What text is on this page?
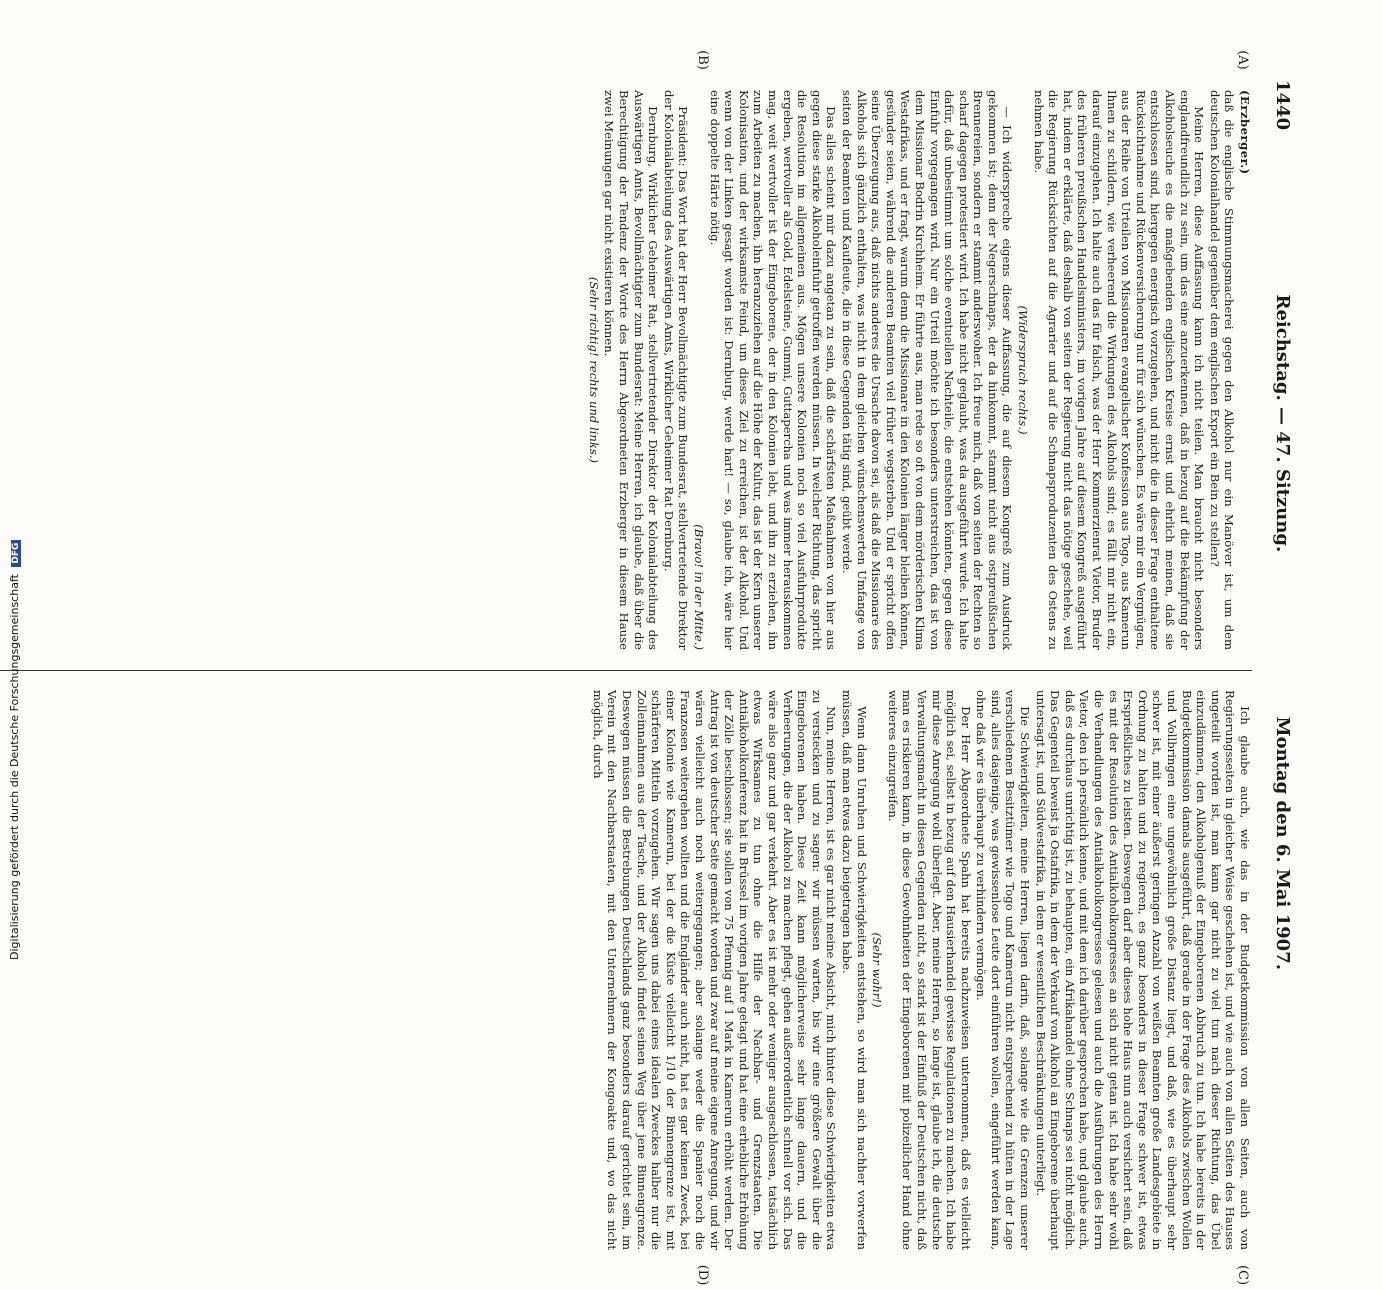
1440
Reichstag. — 47. Sitzung.
Montag den 6. Mai 1907.
(A)
(B)
(C)
(D)

(Erzberger.)

daß die englische Stimmungsmacherei gegen den Alkohol nur ein Manöver ist, um dem deutschen Kolonialhandel gegenüber dem englischen Export ein Bein zu stellen?

Meine Herren, diese Auffassung kann ich nicht teilen. Man braucht nicht besonders englandfreundlich zu sein, um das eine anzuerkennen, daß in bezug auf die Bekämpfung der Alkoholseuche es die maßgebenden englischen Kreise ernst und ehrlich meinen, daß sie entschlossen sind, hiergegen energisch vorzugehen, und nicht die in dieser Frage enthaltene Rücksichtnahme und Rückenversicherung nur für sich wünschen. Es wäre mir ein Vergnügen, aus der Reihe von Urteilen von Missionaren evangelischer Konfession aus Togo, aus Kamerun Ihnen zu schildern, wie verheerend die Wirkungen des Alkohols sind; es fällt mir nicht ein, darauf einzugehen. Ich halte auch das für falsch, was der Herr Kommerzienrat Vietor, Bruder des früheren preußischen Handelsministers, im vorigen Jahre auf diesem Kongreß ausgeführt hat, indem er erklärte, daß deshalb von seiten der Regierung nicht das nötige geschehe, weil die Regierung Rücksichten auf die Agrarier und auf die Schnapsproduzenten des Ostens zu nehmen habe.

(Widerspruch rechts.)

— Ich widerspreche eigens dieser Auffassung, die auf diesem Kongreß zum Ausdruck gekommen ist; denn der Negerschnaps, der da hinkommt, stammt nicht aus ostpreußischen Brennereien, sondern er stammt anderswoher. Ich freue mich, daß von seiten der Rechten so scharf dagegen protestiert wird. Ich habe nicht geglaubt, was da ausgeführt wurde. Ich halte dafür, daß unbestimmt um solche eventuellen Nachteile, die entstehen könnten, gegen diese Einfuhr vorgegangen wird. Nur ein Urteil möchte ich besonders unterstreichen, das ist von dem Missionar Bodrin Kirchheim. Er führte aus, man rede so oft von dem mörderischen Klima Westafrikas, und er fragt, warum denn die Missionare in den Kolonien länger bleiben können, gesünder seien, während die anderen Beamten viel früher wegsterben. Und er spricht offen seine Überzeugung aus, daß nichts anderes die Ursache davon sei, als daß die Missionare des Alkohols sich gänzlich enthalten, was nicht in dem gleichen wünschenswerten Umfange von seiten der Beamten und Kaufleute, die in diese Gegenden tätig sind, geübt werde.

Das alles scheint mir dazu angetan zu sein, daß die schärfsten Maßnahmen von hier aus gegen diese starke Alkoholeinfuhr getroffen werden müssen. In welcher Richtung, das spricht die Resolution im allgemeinen aus. Mögen unsere Kolonien noch so viel Ausfuhrprodukte ergeben, wertvoller als Gold, Edelsteine, Gummi, Guttapercha und was immer herauskommen mag, weit wertvoller ist der Eingeborene, der in den Kolonien lebt, und ihn zu erziehen, ihn zum Arbeiten zu machen, ihn heranzuziehen auf die Höhe der Kultur, das ist der Kern unserer Kolonisation, und der wirksamste Feind, um dieses Ziel zu erreichen, ist der Alkohol. Und wenn von der Linken gesagt worden ist: Dernburg, werde hart! — so, glaube ich, wäre hier eine doppelte Härte nötig.

(Bravo! in der Mitte.)

Präsident: Das Wort hat der Herr Bevollmächtigte zum Bundesrat, stellvertretende Direktor der Kolonialabteilung des Auswärtigen Amts, Wirklicher Geheimer Rat Dernburg.

Dernburg, Wirklicher Geheimer Rat, stellvertretender Direktor der Kolonialabteilung des Auswärtigen Amts, Bevollmächtigter zum Bundesrat: Meine Herren, ich glaube, daß über die Berechtigung der Tendenz der Worte des Herrn Abgeordneten Erzberger in diesem Hause zwei Meinungen gar nicht existieren können.

(Sehr richtig! rechts und links.)

Ich glaube auch, wie das in der Budgetkommission von allen Seiten, auch von Regierungsseiten in gleicher Weise geschehen ist, und wie auch von allen Seiten des Hauses ungeteilt worden ist, man kann gar nicht zu viel tun nach dieser Richtung, das Übel einzudämmen, den Alkoholgenuß der Eingeborenen Abbruch zu tun. Ich habe bereits in der Budgetkommission damals ausgeführt, daß gerade in der Frage des Alkohols zwischen Wollen und Vollbringen eine ungewöhnlich große Distanz liegt, und daß, wie es überhaupt sehr schwer ist, mit einer äußerst geringen Anzahl von weißen Beamten große Landesgebiete in Ordnung zu halten und zu regieren, es ganz besonders in dieser Frage schwer ist, etwas Ersprießliches zu leisten. Deswegen darf aber dieses hohe Haus nun auch versichert sein, daß es mit der Resolution des Antialkoholkongresses an sich nicht getan ist. Ich habe sehr wohl die Verhandlungen des Antialkoholkongresses gelesen und auch die Ausführungen des Herrn Vietor, den ich persönlich kenne, und mit dem ich darüber gesprochen habe, und glaube auch, daß es durchaus unrichtig ist, zu behaupten, ein Afrikahandel ohne Schnaps sei nicht möglich. Das Gegenteil beweist ja Ostafrika, in dem der Verkauf von Alkohol an Eingeborene überhaupt untersagt ist, und Südwestafrika, in dem er wesentlichen Beschränkungen unterliegt.

Die Schwierigkeiten, meine Herren, liegen darin, daß, solange wie die Grenzen unserer verschiedenen Besitztümer wie Togo und Kamerun nicht entsprechend zu hüten in der Lage sind, alles dasjenige, was gewissenlose Leute dort einführen wollen, eingeführt werden kann, ohne daß wir es überhaupt zu verhindern vermögen.

Der Herr Abgeordnete Spahn hat bereits nachzuweisen unternommen, daß es vielleicht möglich sei, selbst in bezug auf den Hausierhandel gewisse Regulationen zu machen. Ich habe mir diese Anregung wohl überlegt. Aber, meine Herren, so lange ist, glaube ich, die deutsche Verwaltungsmacht in diesen Gegenden nicht, so stark ist der Einfluß der Deutschen nicht, daß man es riskieren kann, in diese Gewohnheiten der Eingeborenen mit polizeilicher Hand ohne weiteres einzugreifen.

(Sehr wahr!)

Wenn dann Unruhen und Schwierigkeiten entstehen, so wird man sich nachher vorwerfen müssen, daß man etwas dazu beigetragen habe.

Nun, meine Herren, ist es gar nicht meine Absicht, mich hinter diese Schwierigkeiten etwa zu verstecken und zu sagen: wir müssen warten, bis wir eine größere Gewalt über die Eingeborenen haben. Diese Zeit kann möglicherweise sehr lange dauern, und die Verheerungen, die der Alkohol zu machen pflegt, gehen außerordentlich schnell vor sich. Das wäre also ganz und gar verkehrt. Aber es ist mehr oder weniger ausgeschlossen, tatsächlich etwas Wirksames zu tun ohne die Hilfe der Nachbar- und Grenzstaaten. Die Antialkoholkonferenz hat in Brüssel im vorigen Jahre getagt und hat eine erhebliche Erhöhung der Zölle beschlossen; sie sollen von 75 Pfennig auf 1 Mark in Kamerun erhöht werden. Der Antrag ist von deutscher Seite gemacht worden und zwar auf meine eigene Anregung, und wir wären vielleicht auch noch weitergegangen; aber solange weder die Spanier noch die Franzosen weitergehen wollten und die Engländer auch nicht, hat es gar keinen Zweck, bei einer Kolonie wie Kamerun, bei der die Küste vielleicht 1/10 der Binnengrenze ist, mit schärferen Mitteln vorzugehen. Wir sagen uns dabei eines idealen Zweckes halber nur die Zolleinnahmen aus der Tasche, und der Alkohol findet seinen Weg über jene Binnengrenze. Deswegen müssen die Bestrebungen Deutschlands ganz besonders darauf gerichtet sein, im Verein mit den Nachbarstaaten, mit den Unternehmern der Kongoakte und, wo das nicht möglich, durch

Digitalisierung gefördert durch die Deutsche Forschungsgemeinschaft DFG
